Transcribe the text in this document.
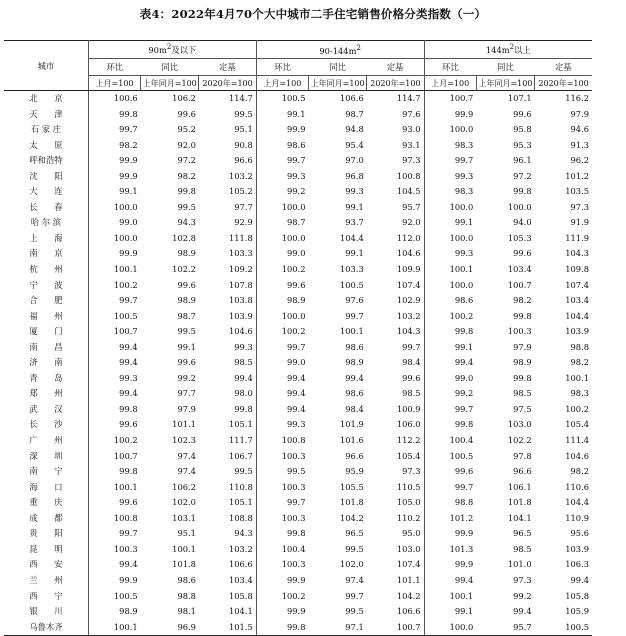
表4：2022年4月70个大中城市二手住宅销售价格分类指数（一）
城市	$90m^2$及以下			$90-144m^2$			$144m^2$以上		
	环比	同比	定基	环比	同比	定基	环比	同比	定基
	上月=100	上年同月=100	2020年=100	上月=100	上年同月=100	2020年=100	上月=100	上年同月=100	2020年=100
北　　京	100.6	106.2	114.7	100.5	106.6	114.7	100.7	107.1	116.2
天　　津	99.8	99.6	99.5	99.1	98.7	97.6	99.9	99.6	97.9
石 家 庄	99.7	95.2	95.1	99.9	94.8	93.0	100.0	95.8	94.6
太　　原	98.2	92.0	90.8	98.6	95.4	93.1	98.3	95.3	91.3
呼和浩特	99.9	97.2	96.6	99.7	97.0	97.3	99.7	96.1	96.2
沈　　阳	99.9	98.2	103.2	99.3	96.8	100.8	99.3	97.2	101.2
大　　连	99.1	99.8	105.2	99.2	99.3	104.5	98.3	99.8	103.5
长　　春	100.0	99.5	97.7	100.0	99.1	95.7	100.0	100.0	97.3
哈 尔 滨	99.0	94.3	92.9	98.7	93.7	92.0	99.1	94.0	91.9
上　　海	100.0	102.8	111.8	100.0	104.4	112.0	100.0	105.3	111.9
南　　京	99.9	98.9	103.3	99.0	99.1	104.6	99.3	99.6	104.3
杭　　州	100.1	102.2	109.2	100.2	103.3	109.9	100.1	103.4	109.8
宁　　波	100.2	99.6	107.8	99.6	100.5	107.4	100.0	100.7	107.4
合　　肥	99.7	98.9	103.8	98.9	97.6	102.9	98.6	98.2	103.4
福　　州	100.5	98.7	103.9	100.0	99.7	103.2	100.2	99.8	104.4
厦　　门	100.7	99.5	104.6	100.2	100.1	104.3	99.8	100.3	103.9
南　　昌	99.4	99.1	99.3	99.7	98.6	99.7	99.1	97.9	98.8
济　　南	99.4	99.6	98.5	99.0	98.9	98.4	99.4	98.9	98.2
青　　岛	99.3	99.2	99.4	99.4	99.4	99.6	99.0	99.8	100.1
郑　　州	99.4	97.7	98.0	99.4	98.6	98.5	99.2	98.5	98.3
武　　汉	99.8	97.9	99.8	99.4	98.4	100.9	99.7	97.5	100.2
长　　沙	99.6	101.1	105.1	99.3	101.9	106.0	99.8	103.0	105.4
广　　州	100.2	102.3	111.7	100.8	101.6	112.2	100.4	102.2	111.4
深　　圳	100.7	97.4	106.7	100.3	96.6	105.4	100.5	97.8	104.6
南　　宁	99.8	97.4	99.5	99.5	95.9	97.3	99.6	96.6	98.2
海　　口	100.1	106.2	110.8	100.3	105.5	110.5	99.7	106.1	110.6
重　　庆	99.6	102.0	105.1	99.7	101.8	105.0	98.8	101.8	104.4
成　　都	100.8	103.1	108.8	100.3	104.2	110.2	101.2	104.1	110.9
贵　　阳	99.7	95.1	94.3	99.8	96.5	95.0	99.9	96.5	95.6
昆　　明	100.3	100.1	103.2	100.4	99.5	103.0	101.3	98.5	103.9
西　　安	99.4	101.8	106.6	100.3	102.0	107.4	99.9	101.0	106.3
兰　　州	99.9	98.6	103.4	99.9	97.4	101.1	99.4	97.3	99.4
西　　宁	100.5	98.8	105.8	100.2	99.7	104.2	100.1	99.2	105.8
银　　川	98.9	98.1	104.1	99.9	99.5	106.6	99.1	99.4	105.9
乌鲁木齐	100.1	96.9	101.5	99.8	97.1	100.7	100.0	95.7	100.5
